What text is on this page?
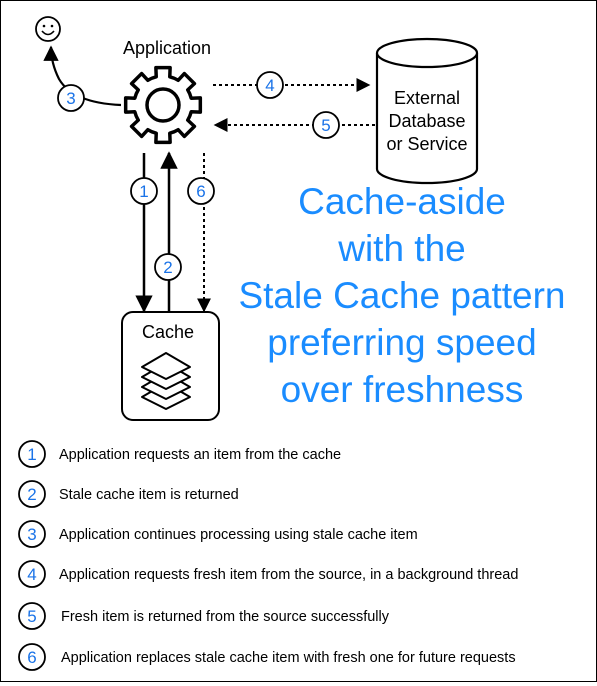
Application
External
Database
or Service
Cache
3
4
5
1	6
2
Cache-aside
with the
Stale Cache pattern
preferring speed
over freshness
1 Application requests an item from the cache
2 Stale cache item is returned
3 Application continues processing using stale cache item
4 Application requests fresh item from the source, in a background thread
5 Fresh item is returned from the source successfully
6 Application replaces stale cache item with fresh one for future requests
